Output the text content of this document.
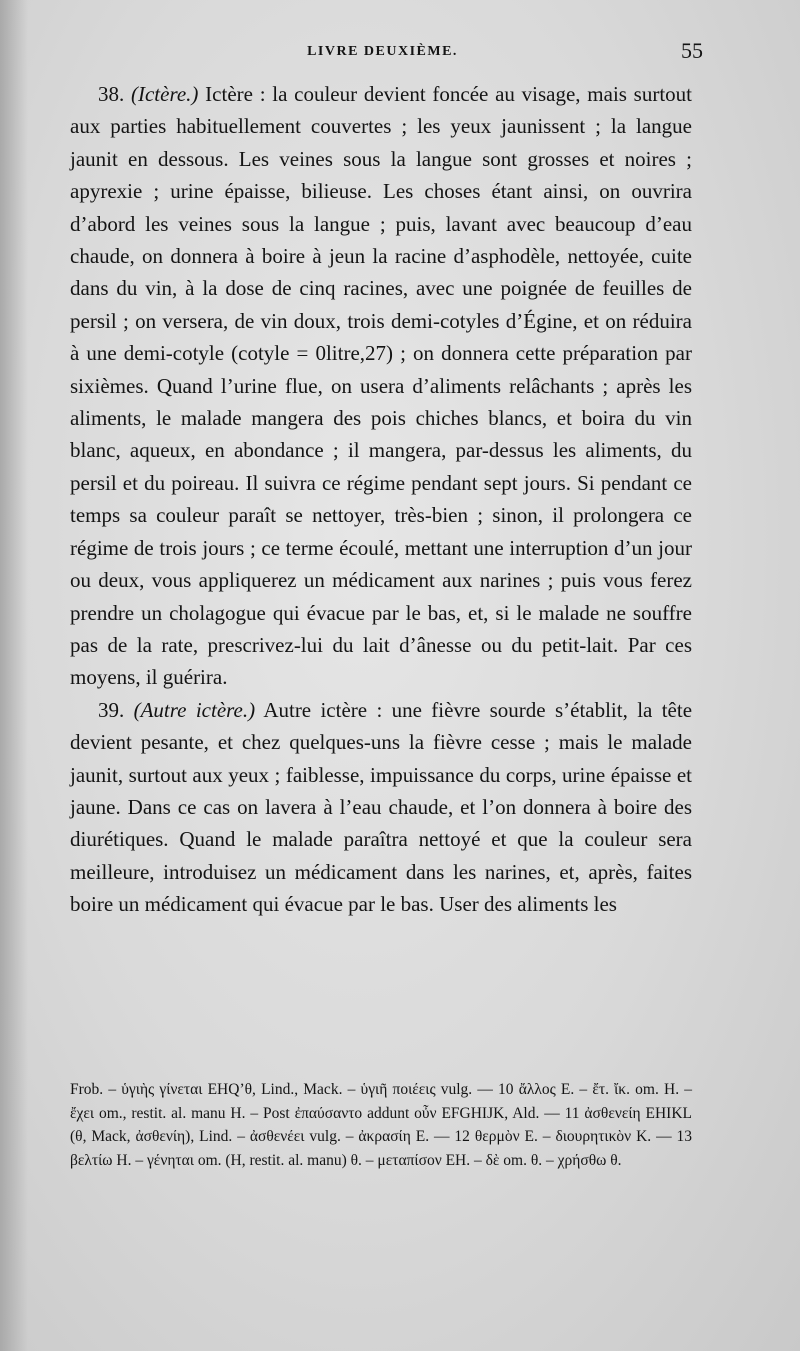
LIVRE DEUXIÈME.	55

38. (Ictère.) Ictère : la couleur devient foncée au visage, mais surtout aux parties habituellement couvertes ; les yeux jaunissent ; la langue jaunit en dessous. Les veines sous la langue sont grosses et noires ; apyrexie ; urine épaisse, bilieuse. Les choses étant ainsi, on ouvrira d’abord les veines sous la langue ; puis, lavant avec beaucoup d’eau chaude, on donnera à boire à jeun la racine d’asphodèle, nettoyée, cuite dans du vin, à la dose de cinq racines, avec une poignée de feuilles de persil ; on versera, de vin doux, trois demi-cotyles d’Égine, et on réduira à une demi-cotyle (cotyle = 0litre,27) ; on donnera cette préparation par sixièmes. Quand l’urine flue, on usera d’aliments relâchants ; après les aliments, le malade mangera des pois chiches blancs, et boira du vin blanc, aqueux, en abondance ; il mangera, par-dessus les aliments, du persil et du poireau. Il suivra ce régime pendant sept jours. Si pendant ce temps sa couleur paraît se nettoyer, très-bien ; sinon, il prolongera ce régime de trois jours ; ce terme écoulé, mettant une interruption d’un jour ou deux, vous appliquerez un médicament aux narines ; puis vous ferez prendre un cholagogue qui évacue par le bas, et, si le malade ne souffre pas de la rate, prescrivez-lui du lait d’ânesse ou du petit-lait. Par ces moyens, il guérira.

39. (Autre ictère.) Autre ictère : une fièvre sourde s’établit, la tête devient pesante, et chez quelques-uns la fièvre cesse ; mais le malade jaunit, surtout aux yeux ; faiblesse, impuissance du corps, urine épaisse et jaune. Dans ce cas on lavera à l’eau chaude, et l’on donnera à boire des diurétiques. Quand le malade paraîtra nettoyé et que la couleur sera meilleure, introduisez un médicament dans les narines, et, après, faites boire un médicament qui évacue par le bas. User des aliments les

Frob. – ὑγιὴς γίνεται EHQ’θ, Lind., Mack. – ὑγιῆ ποιέεις vulg. — 10 ἄλλος E. – ἔτ. ἴκ. om. H. – ἔχει om., restit. al. manu H. – Post ἐπαύσαντο addunt οὖν EFGHIJK, Ald. — 11 ἀσθενείη EHIKL (θ, Mack, ἀσθενίη), Lind. – ἀσθενέει vulg. – ἀκρασίη E. — 12 θερμὸν E. – διουρητικὸν K. — 13 βελτίω H. – γένηται om. (H, restit. al. manu) θ. – μεταπίσον EH. – δὲ om. θ. – χρήσθω θ.
